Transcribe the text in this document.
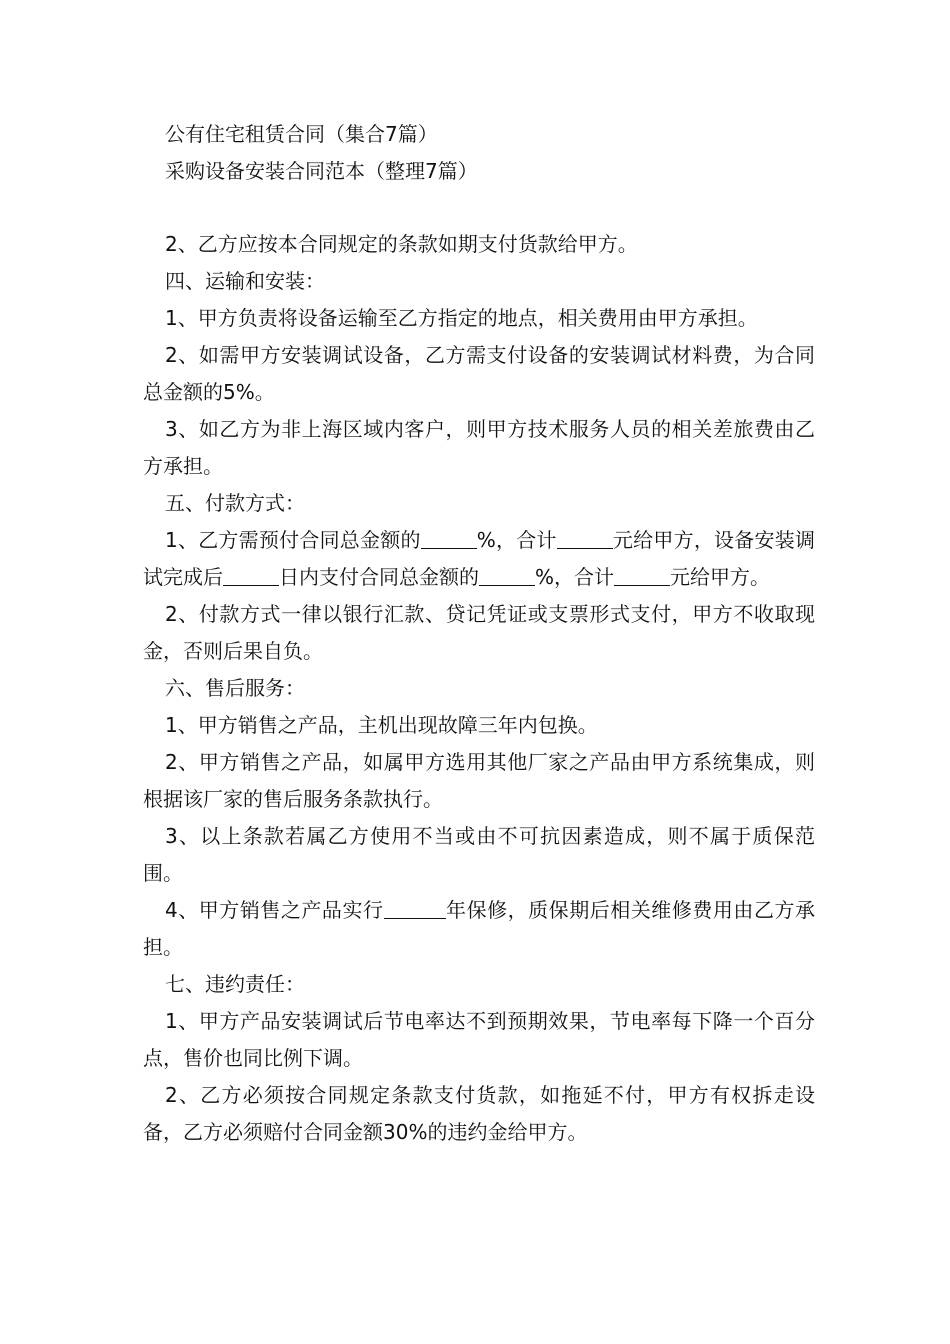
公有住宅租赁合同（集合7篇）
采购设备安装合同范本（整理7篇）

2、乙方应按本合同规定的条款如期支付货款给甲方。

四、运输和安装：

1、甲方负责将设备运输至乙方指定的地点，相关费用由甲方承担。

2、如需甲方安装调试设备，乙方需支付设备的安装调试材料费，为合同总金额的5%。

3、如乙方为非上海区域内客户，则甲方技术服务人员的相关差旅费由乙方承担。

五、付款方式：

1、乙方需预付合同总金额的	%，合计	元给甲方，设备安装调试完成后	日内支付合同总金额的	%，合计	元给甲方。

2、付款方式一律以银行汇款、贷记凭证或支票形式支付，甲方不收取现金，否则后果自负。

六、售后服务：

1、甲方销售之产品，主机出现故障三年内包换。

2、甲方销售之产品，如属甲方选用其他厂家之产品由甲方系统集成，则根据该厂家的售后服务条款执行。

3、以上条款若属乙方使用不当或由不可抗因素造成，则不属于质保范围。

4、甲方销售之产品实行	年保修，质保期后相关维修费用由乙方承担。

七、违约责任：

1、甲方产品安装调试后节电率达不到预期效果，节电率每下降一个百分点，售价也同比例下调。

2、乙方必须按合同规定条款支付货款，如拖延不付，甲方有权拆走设备，乙方必须赔付合同金额30%的违约金给甲方。
